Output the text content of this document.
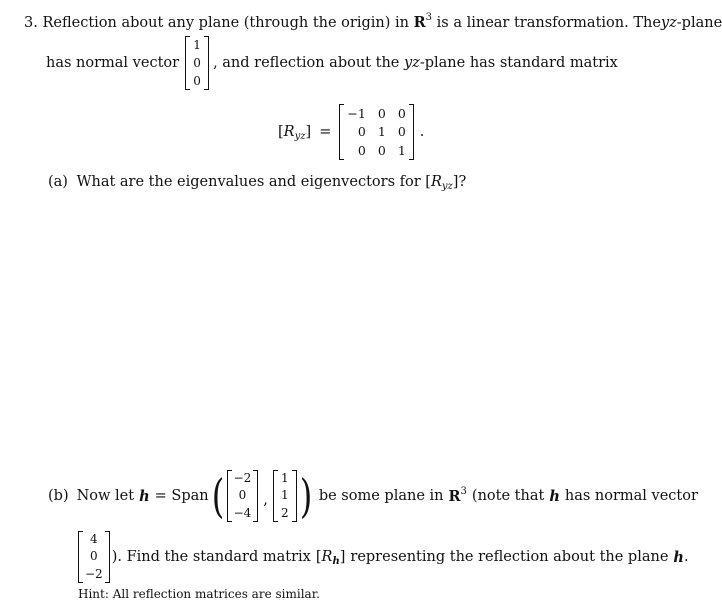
3. Reflection about any plane (through the origin) in $R^3$ is a linear transformation. Theyz-plane
has normal vector
1
0
0
, and reflection about the
yz -plane has standard matrix
$[R_{yz}]$ =
−1 0 0
0 1 0
0 0 1
.
(a) What are the eigenvalues and eigenvectors for $[R_{yz}]$?
(b) Now let h = Span ( −2
0
−4
,
1
1
2 ) be some plane in $R^3$ (note that h has normal vector
4
0
−2
). Find the standard matrix $[R_h]$ representing the reflection about the plane h .
Hint: All reflection matrices are similar.
